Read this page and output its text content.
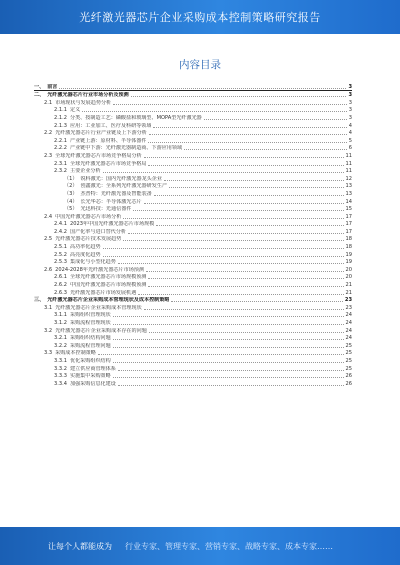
光纤激光器芯片企业采购成本控制策略研究报告
内容目录
一、 前言	3
二、 光纤激光器芯片行业市场分析及预测	3
2.1 市场现状与发展趋势分析	3
2.1.1 定义	3
2.1.2 分类、按制造工艺：磷酸盐和玻璃型、MOPA型光纤激光器	3
2.1.3 应用：工业加工、医疗及科研等领域	4
2.2 光纤激光器芯片行业产业链及上下游分析	4
2.2.1 产业链上游：原材料、半导体器件	5
2.2.2 产业链中下游：光纤激光器制造商、下游应用领域	6
2.3 全球光纤激光器芯片市场竞争格局分析	11
2.3.1 全球光纤激光器芯片市场竞争格局	11
2.3.2 主要企业分析	11
（1） 锐科激光：国内光纤激光器龙头企业	12
（2） 创鑫激光：全系列光纤激光器研发生产	13
（3） 杰普特：光纤激光器及智能装备	13
（4） 长光华芯：半导体激光芯片	14
（5） 光迅科技：光通信器件	15
2.4 中国光纤激光器芯片市场分析	17
2.4.1 2023年中国光纤激光器芯片市场规模	17
2.4.2 国产化率与进口替代分析	17
2.5 光纤激光器芯片技术发展趋势	18
2.5.1 高功率化趋势	18
2.5.2 高亮度化趋势	19
2.5.3 集成化与小型化趋势	19
2.6 2024-2028年光纤激光器芯片市场预测	20
2.6.1 全球光纤激光器芯片市场规模预测	20
2.6.2 中国光纤激光器芯片市场规模预测	21
2.6.3 光纤激光器芯片市场发展机遇	21
三、 光纤激光器芯片企业采购成本管理现状及成本控制策略	23
3.1 光纤激光器芯片企业采购成本管理现状	23
3.1.1 采购组织管理现状	24
3.1.2 采购流程管理现状	24
3.2 光纤激光器芯片企业采购成本存在的问题	24
3.2.1 采购组织结构问题	24
3.2.2 采购流程管理问题	25
3.3 采购成本控制策略	25
3.3.1 优化采购组织结构	25
3.3.2 建立供应商管理体系	25
3.3.3 实施集中采购策略	26
3.3.4 加强采购信息化建设	26
让每个人都能成为 行业专家、管理专家、营销专家、战略专家、成本专家……
